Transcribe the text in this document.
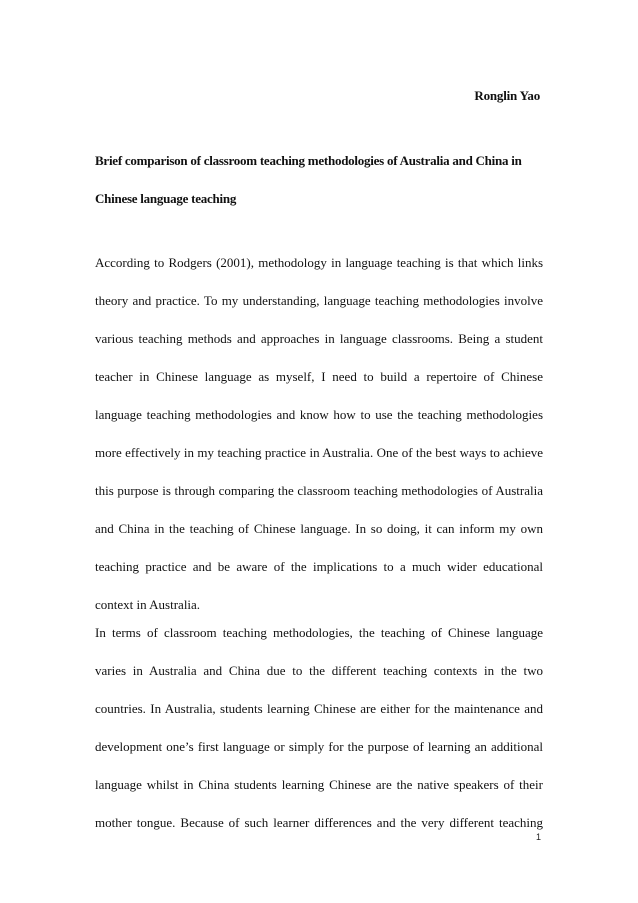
Ronglin Yao
Brief comparison of classroom teaching methodologies of Australia and China in
Chinese language teaching
According to Rodgers (2001), methodology in language teaching is that which links
theory and practice. To my understanding, language teaching methodologies involve
various teaching methods and approaches in language classrooms. Being a student
teacher in Chinese language as myself, I need to build a repertoire of Chinese
language teaching methodologies and know how to use the teaching methodologies
more effectively in my teaching practice in Australia. One of the best ways to achieve
this purpose is through comparing the classroom teaching methodologies of Australia
and China in the teaching of Chinese language. In so doing, it can inform my own
teaching practice and be aware of the implications to a much wider educational
context in Australia.
In terms of classroom teaching methodologies, the teaching of Chinese language
varies in Australia and China due to the different teaching contexts in the two
countries. In Australia, students learning Chinese are either for the maintenance and
development one’s first language or simply for the purpose of learning an additional
language whilst in China students learning Chinese are the native speakers of their
mother tongue. Because of such learner differences and the very different teaching
1
